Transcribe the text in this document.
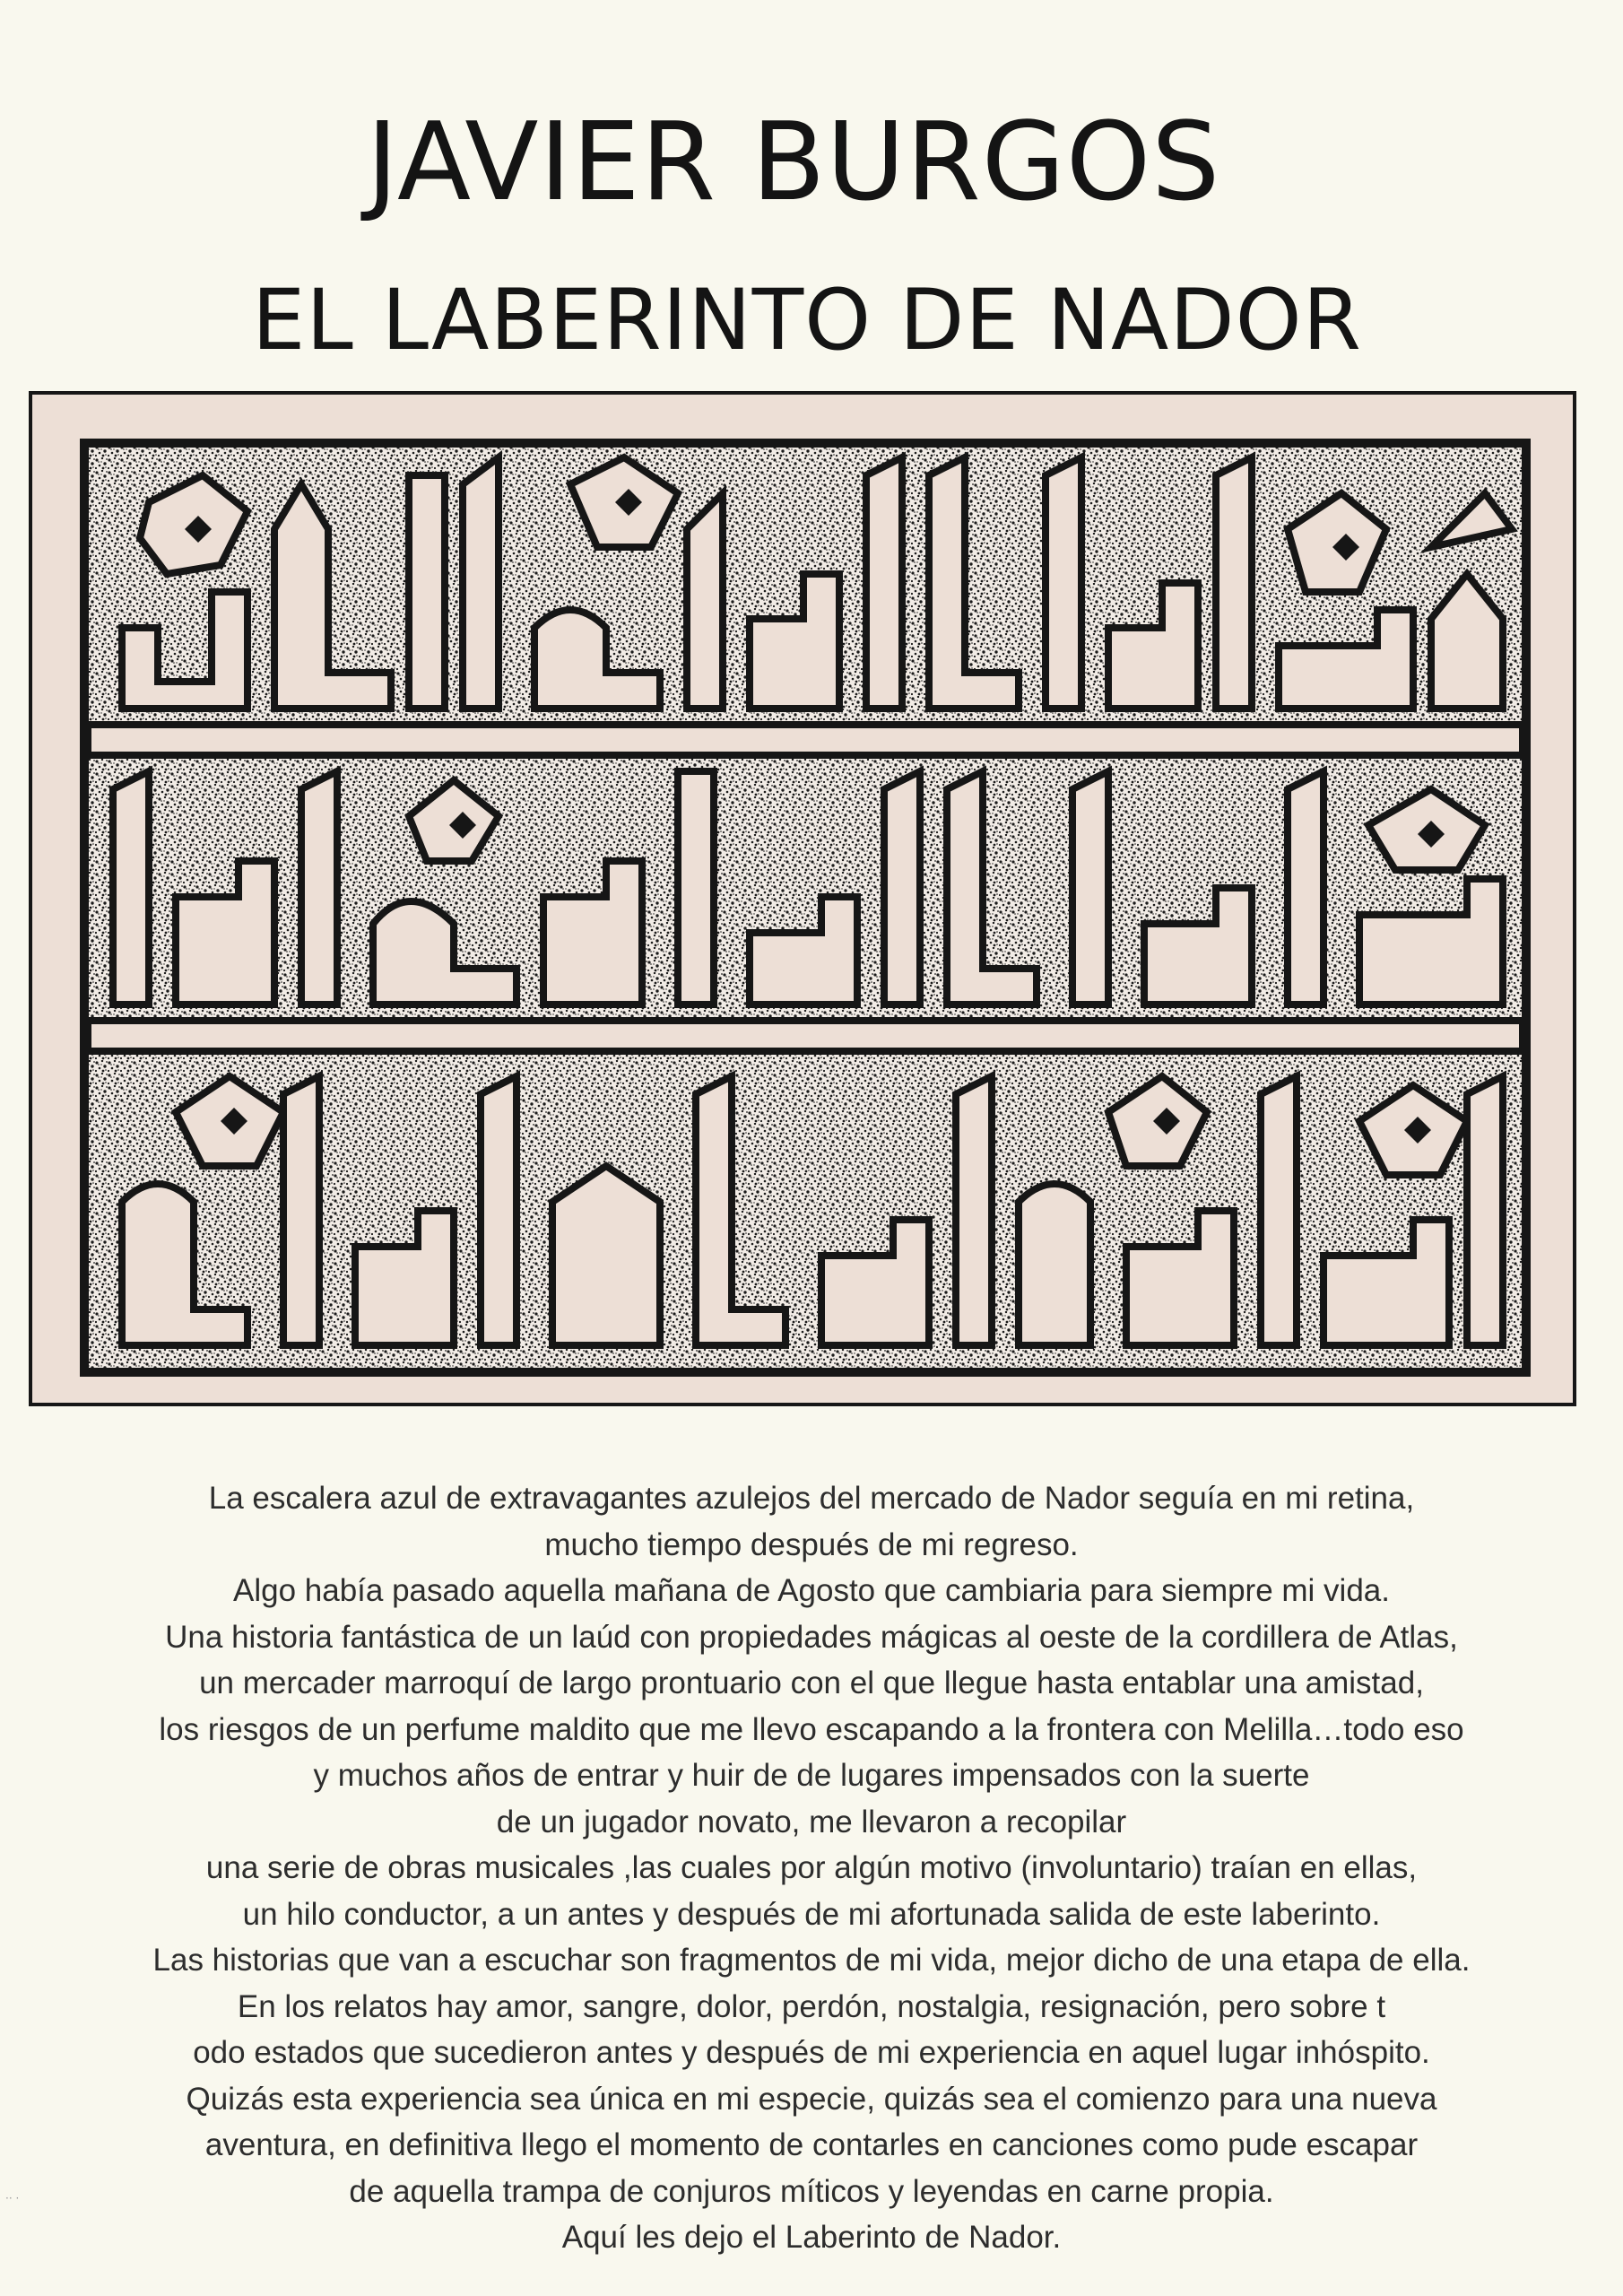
JAVIER BURGOS
EL LABERINTO DE NADOR
La escalera azul de extravagantes azulejos del mercado de Nador seguía en mi retina,
mucho tiempo después de mi regreso.
Algo había pasado aquella mañana de Agosto que cambiaria para siempre mi vida.
Una historia fantástica de un laúd con propiedades mágicas al oeste de la cordillera de Atlas,
un mercader marroquí de largo prontuario con el que llegue hasta entablar una amistad,
los riesgos de un perfume maldito que me llevo escapando a la frontera con Melilla…todo eso
y muchos años de entrar y huir de de lugares impensados con la suerte
de un jugador novato, me llevaron a recopilar
una serie de obras musicales ,las cuales por algún motivo (involuntario) traían en ellas,
un hilo conductor, a un antes y después de mi afortunada salida de este laberinto.
Las historias que van a escuchar son fragmentos de mi vida, mejor dicho de una etapa de ella.
En los relatos hay amor, sangre, dolor, perdón, nostalgia, resignación, pero sobre t
odo estados que sucedieron antes y después de mi experiencia en aquel lugar inhóspito.
Quizás esta experiencia sea única en mi especie, quizás sea el comienzo para una nueva
aventura, en definitiva llego el momento de contarles en canciones como pude escapar
de aquella trampa de conjuros míticos y leyendas en carne propia.
Aquí les dejo el Laberinto de Nador.
·· ·
